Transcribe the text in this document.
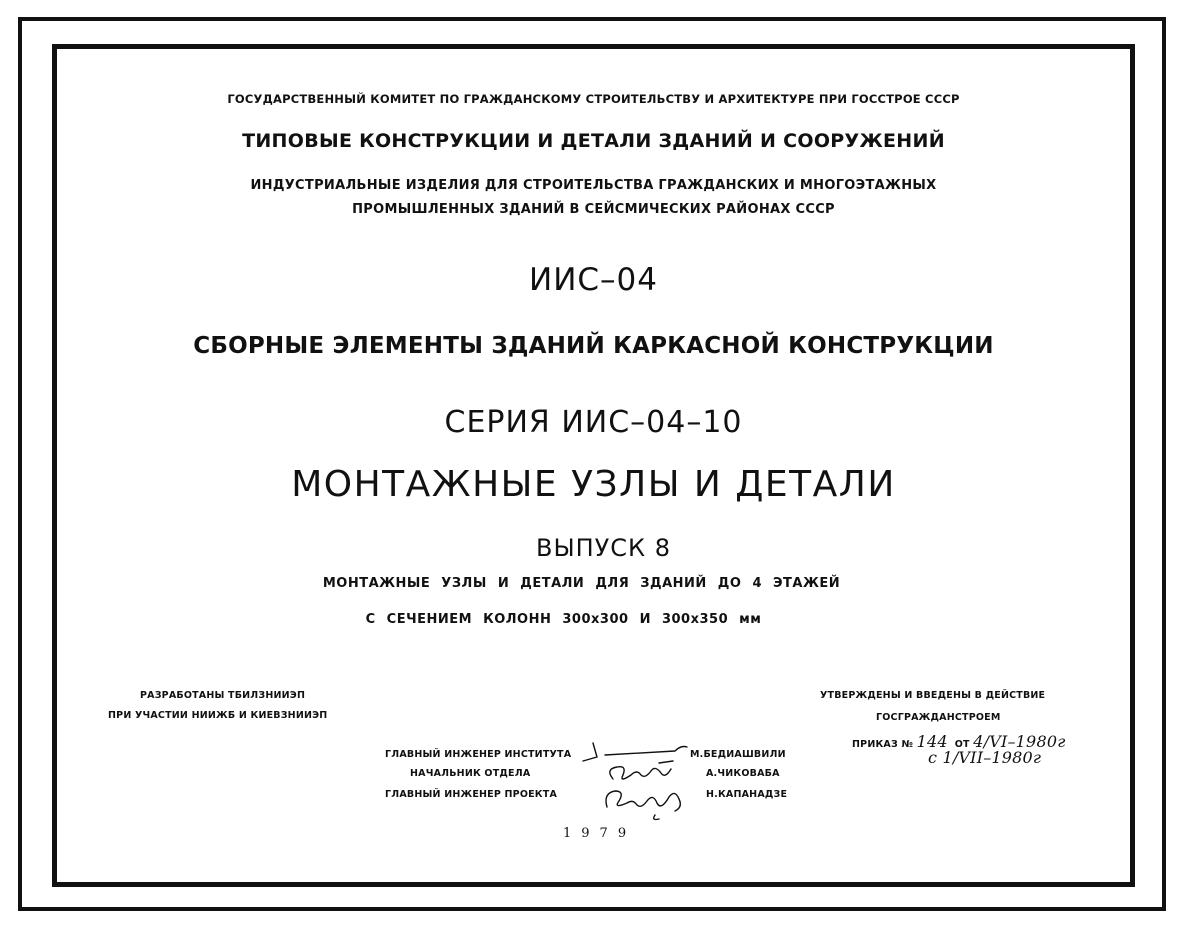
ГОСУДАРСТВЕННЫЙ КОМИТЕТ ПО ГРАЖДАНСКОМУ СТРОИТЕЛЬСТВУ И АРХИТЕКТУРЕ ПРИ ГОССТРОЕ СССР
ТИПОВЫЕ КОНСТРУКЦИИ И ДЕТАЛИ ЗДАНИЙ И СООРУЖЕНИЙ
ИНДУСТРИАЛЬНЫЕ ИЗДЕЛИЯ ДЛЯ СТРОИТЕЛЬСТВА ГРАЖДАНСКИХ И МНОГОЭТАЖНЫХ
ПРОМЫШЛЕННЫХ ЗДАНИЙ В СЕЙСМИЧЕСКИХ РАЙОНАХ СССР
ИИС–04
СБОРНЫЕ ЭЛЕМЕНТЫ ЗДАНИЙ КАРКАСНОЙ КОНСТРУКЦИИ
СЕРИЯ ИИС–04–10
МОНТАЖНЫЕ УЗЛЫ И ДЕТАЛИ
ВЫПУСК 8
МОНТАЖНЫЕ УЗЛЫ И ДЕТАЛИ ДЛЯ ЗДАНИЙ ДО 4 ЭТАЖЕЙ
С СЕЧЕНИЕМ КОЛОНН 300х300 И 300х350 мм
РАЗРАБОТАНЫ ТБИЛЗНИИЭП
ПРИ УЧАСТИИ НИИЖБ И КИЕВЗНИИЭП
УТВЕРЖДЕНЫ И ВВЕДЕНЫ В ДЕЙСТВИЕ
ГОСГРАЖДАНСТРОЕМ
ПРИКАЗ № 144 ОТ 4/VI–1980г
с 1/VII–1980г
ГЛАВНЫЙ ИНЖЕНЕР ИНСТИТУТА
НАЧАЛЬНИК ОТДЕЛА
ГЛАВНЫЙ ИНЖЕНЕР ПРОЕКТА
М.БЕДИАШВИЛИ
А.ЧИКОВАБА
Н.КАПАНАДЗЕ
1979
